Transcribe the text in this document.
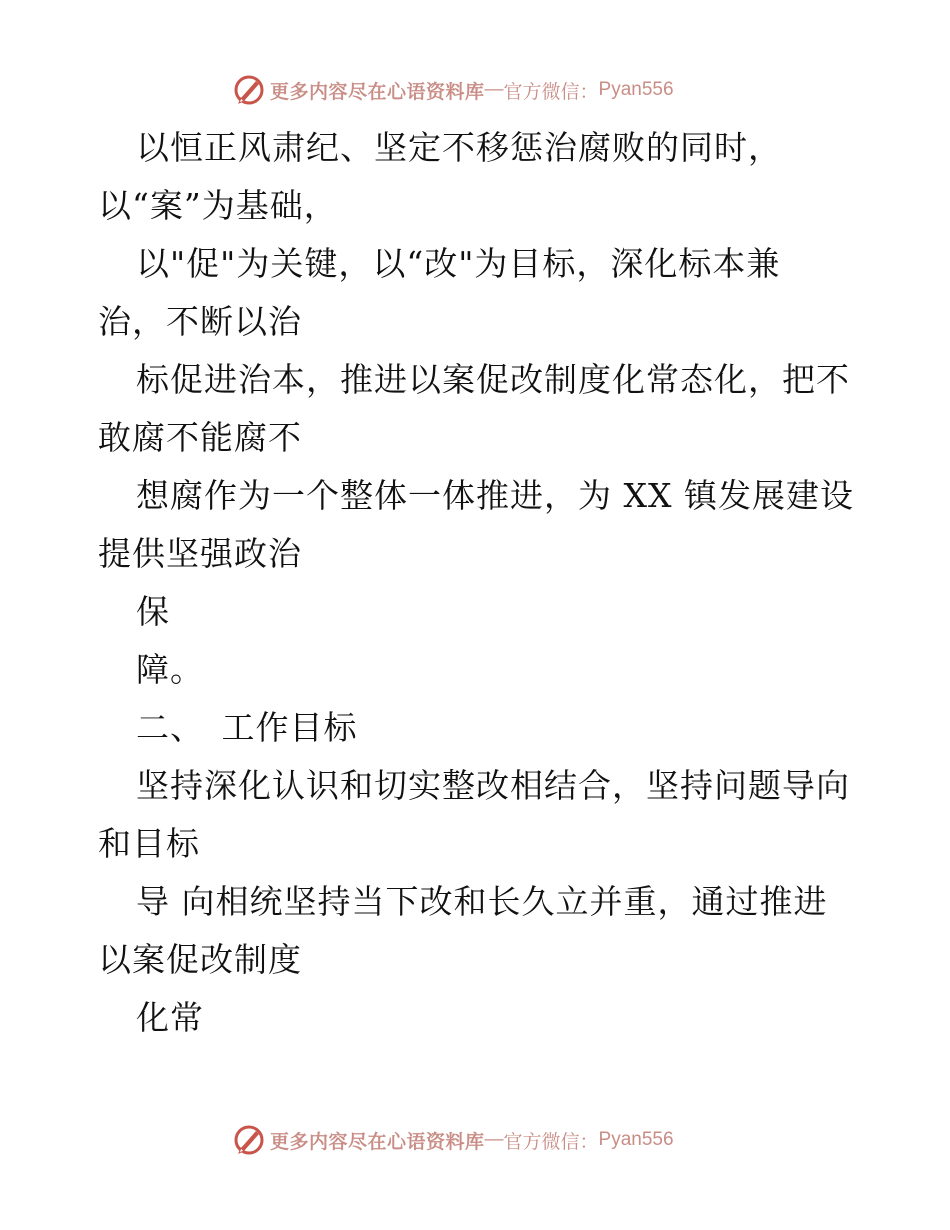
更多内容尽在心语资料库 — 官方微信： Pyan556
以恒正风肃纪、坚定不移惩治腐败的同时，
以“案”为基础，
以"促"为关键，以“改"为目标，深化标本兼
治，不断以治
标促进治本，推进以案促改制度化常态化，把不
敢腐不能腐不
想腐作为一个整体一体推进，为 XX 镇发展建设
提供坚强政治
保
障。
二、　工作目标
坚持深化认识和切实整改相结合，坚持问题导向
和目标
导 向相统坚持当下改和长久立并重，通过推进
以案促改制度
化常
更多内容尽在心语资料库 — 官方微信： Pyan556
